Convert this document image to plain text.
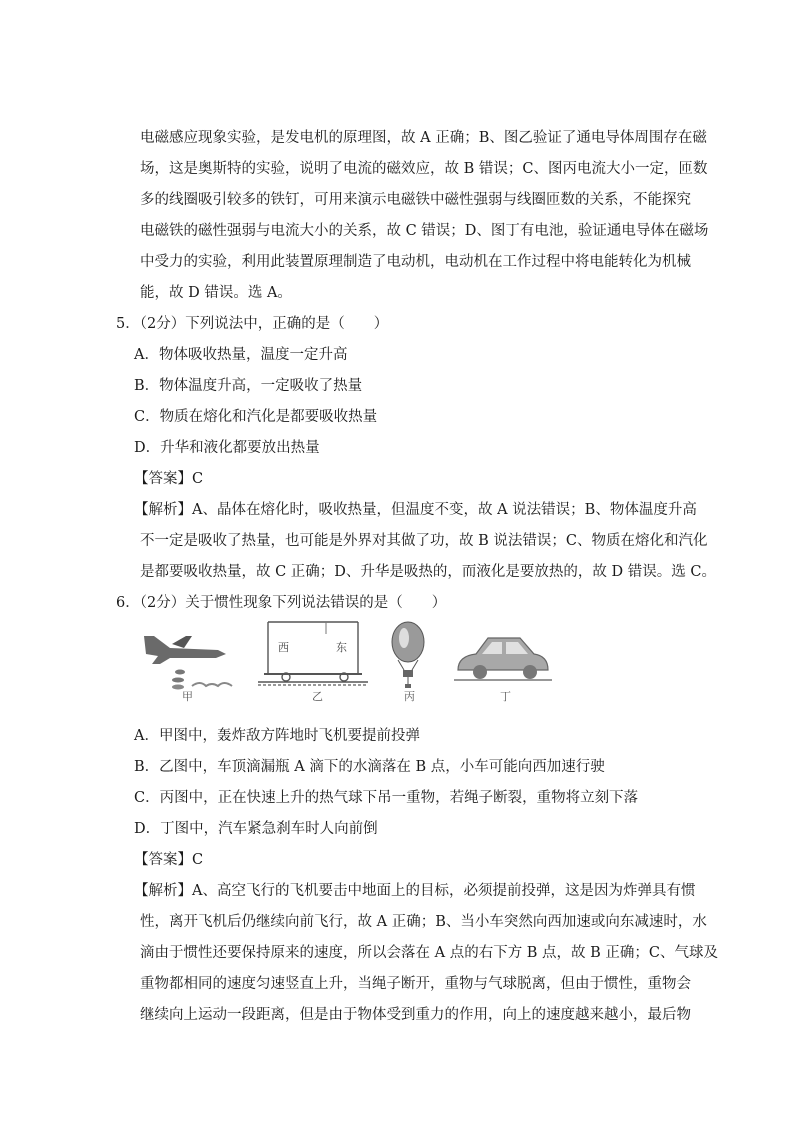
电磁感应现象实验，是发电机的原理图，故 A 正确；B、图乙验证了通电导体周围存在磁
场，这是奥斯特的实验，说明了电流的磁效应，故 B 错误；C、图丙电流大小一定，匝数
多的线圈吸引较多的铁钉，可用来演示电磁铁中磁性强弱与线圈匝数的关系，不能探究
电磁铁的磁性强弱与电流大小的关系，故 C 错误；D、图丁有电池，验证通电导体在磁场
中受力的实验，利用此装置原理制造了电动机，电动机在工作过程中将电能转化为机械
能，故 D 错误。选 A。
5．（2分）下列说法中，正确的是（　　）
A．物体吸收热量，温度一定升高
B．物体温度升高，一定吸收了热量
C．物质在熔化和汽化是都要吸收热量
D．升华和液化都要放出热量
【答案】C
【解析】A、晶体在熔化时，吸收热量，但温度不变，故 A 说法错误；B、物体温度升高
不一定是吸收了热量，也可能是外界对其做了功，故 B 说法错误；C、物质在熔化和汽化
是都要吸收热量，故 C 正确；D、升华是吸热的，而液化是要放热的，故 D 错误。选 C。
6．（2分）关于惯性现象下列说法错误的是（　　）
西	东
甲	乙	丙	丁
A．甲图中，轰炸敌方阵地时飞机要提前投弹
B．乙图中，车顶滴漏瓶 A 滴下的水滴落在 B 点，小车可能向西加速行驶
C．丙图中，正在快速上升的热气球下吊一重物，若绳子断裂，重物将立刻下落
D．丁图中，汽车紧急刹车时人向前倒
【答案】C
【解析】A、高空飞行的飞机要击中地面上的目标，必须提前投弹，这是因为炸弹具有惯
性，离开飞机后仍继续向前飞行，故 A 正确；B、当小车突然向西加速或向东减速时，水
滴由于惯性还要保持原来的速度，所以会落在 A 点的右下方 B 点，故 B 正确；C、气球及
重物都相同的速度匀速竖直上升，当绳子断开，重物与气球脱离，但由于惯性，重物会
继续向上运动一段距离，但是由于物体受到重力的作用，向上的速度越来越小，最后物
